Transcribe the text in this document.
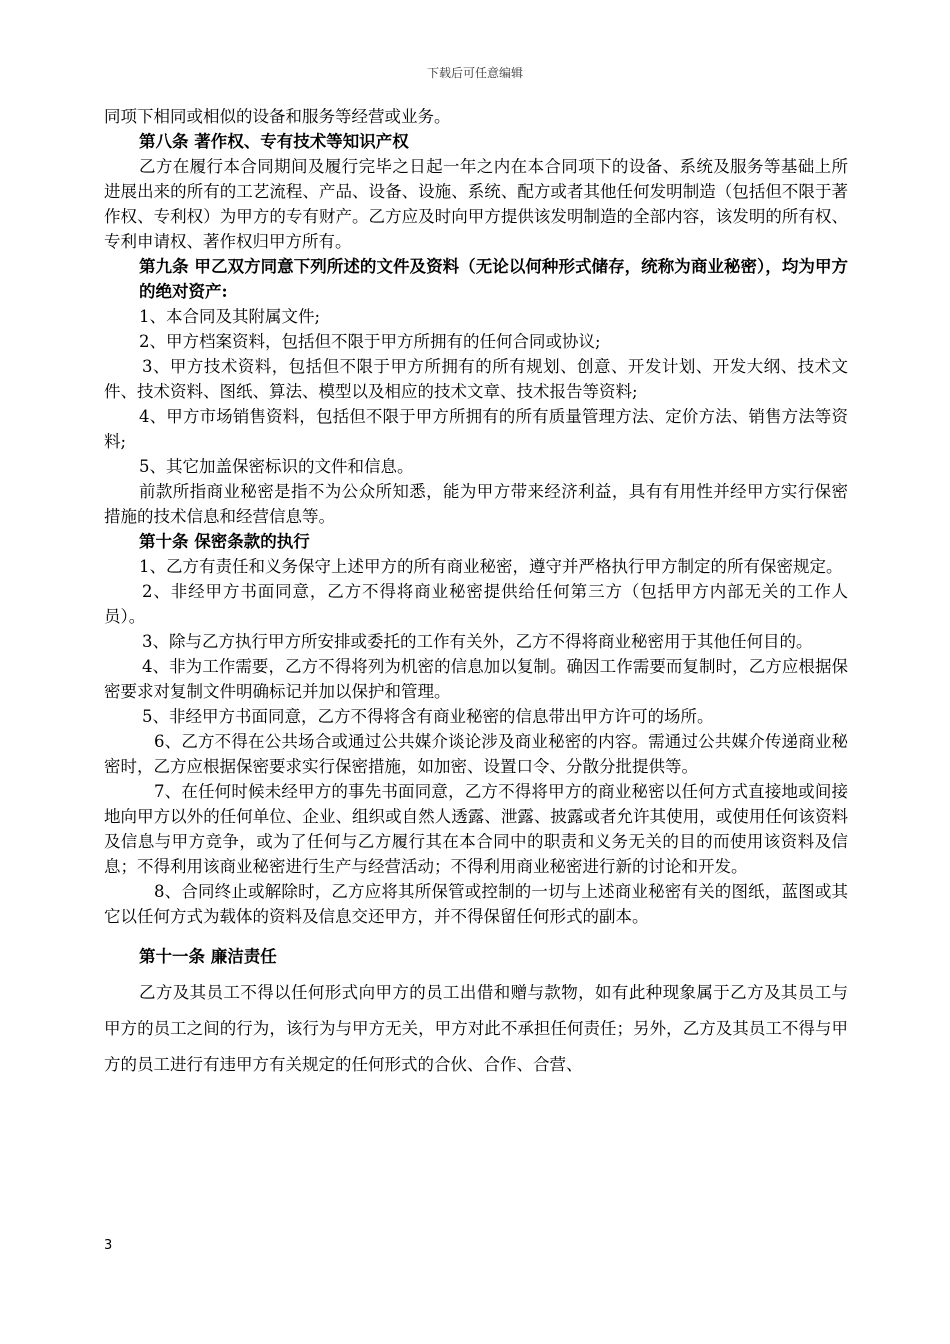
下载后可任意编辑

同项下相同或相似的设备和服务等经营或业务。

第八条 著作权、专有技术等知识产权

乙方在履行本合同期间及履行完毕之日起一年之内在本合同项下的设备、系统及服务等基础上所进展出来的所有的工艺流程、产品、设备、设施、系统、配方或者其他任何发明制造（包括但不限于著作权、专利权）为甲方的专有财产。乙方应及时向甲方提供该发明制造的全部内容，该发明的所有权、专利申请权、著作权归甲方所有。

第九条 甲乙双方同意下列所述的文件及资料（无论以何种形式储存，统称为商业秘密），均为甲方的绝对资产:

1、本合同及其附属文件;

2、甲方档案资料，包括但不限于甲方所拥有的任何合同或协议;

3、甲方技术资料，包括但不限于甲方所拥有的所有规划、创意、开发计划、开发大纲、技术文件、技术资料、图纸、算法、模型以及相应的技术文章、技术报告等资料;

4、甲方市场销售资料，包括但不限于甲方所拥有的所有质量管理方法、定价方法、销售方法等资料;

5、其它加盖保密标识的文件和信息。

前款所指商业秘密是指不为公众所知悉，能为甲方带来经济利益，具有有用性并经甲方实行保密措施的技术信息和经营信息等。

第十条 保密条款的执行

1、乙方有责任和义务保守上述甲方的所有商业秘密，遵守并严格执行甲方制定的所有保密规定。

2、非经甲方书面同意，乙方不得将商业秘密提供给任何第三方（包括甲方内部无关的工作人员）。

3、除与乙方执行甲方所安排或委托的工作有关外，乙方不得将商业秘密用于其他任何目的。

4、非为工作需要，乙方不得将列为机密的信息加以复制。确因工作需要而复制时，乙方应根据保密要求对复制文件明确标记并加以保护和管理。

5、非经甲方书面同意，乙方不得将含有商业秘密的信息带出甲方许可的场所。

6、乙方不得在公共场合或通过公共媒介谈论涉及商业秘密的内容。需通过公共媒介传递商业秘密时，乙方应根据保密要求实行保密措施，如加密、设置口令、分散分批提供等。

7、在任何时候未经甲方的事先书面同意，乙方不得将甲方的商业秘密以任何方式直接地或间接地向甲方以外的任何单位、企业、组织或自然人透露、泄露、披露或者允许其使用，或使用任何该资料及信息与甲方竞争，或为了任何与乙方履行其在本合同中的职责和义务无关的目的而使用该资料及信息；不得利用该商业秘密进行生产与经营活动；不得利用商业秘密进行新的讨论和开发。

8、合同终止或解除时，乙方应将其所保管或控制的一切与上述商业秘密有关的图纸，蓝图或其它以任何方式为载体的资料及信息交还甲方，并不得保留任何形式的副本。

第十一条 廉洁责任

乙方及其员工不得以任何形式向甲方的员工出借和赠与款物，如有此种现象属于乙方及其员工与甲方的员工之间的行为，该行为与甲方无关，甲方对此不承担任何责任；另外，乙方及其员工不得与甲方的员工进行有违甲方有关规定的任何形式的合伙、合作、合营、

3
